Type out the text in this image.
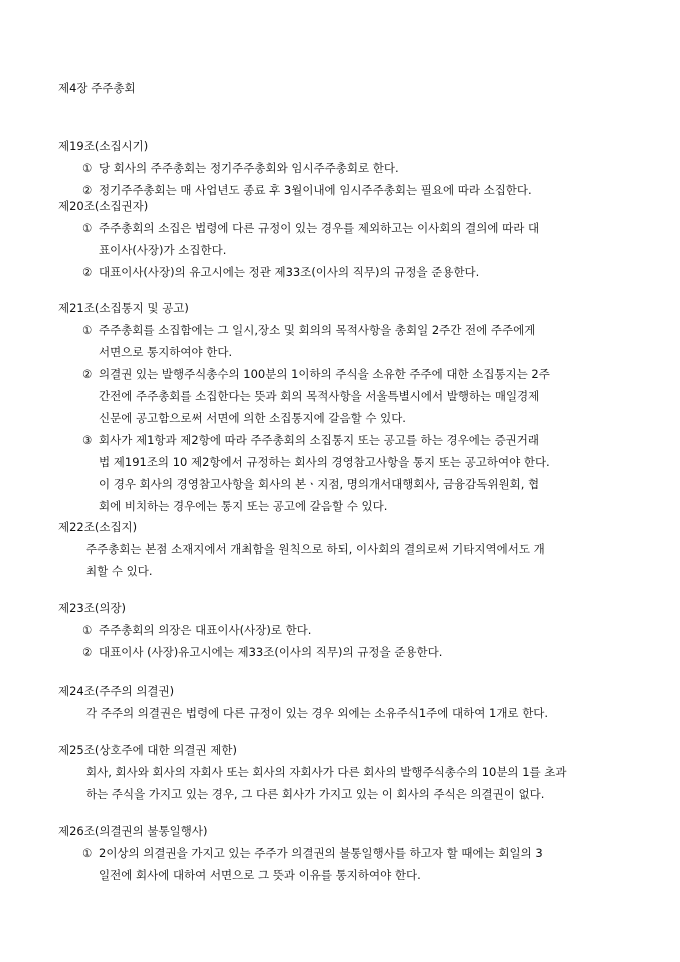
제4장 주주총회
제19조(소집시기)
① 당 회사의 주주총회는 정기주주총회와 임시주주총회로 한다.
② 정기주주총회는 매 사업년도 종료 후 3월이내에 임시주주총회는 필요에 따라 소집한다.
제20조(소집권자)
① 주주총회의 소집은 법령에 다른 규정이 있는 경우를 제외하고는 이사회의 결의에 따라 대
표이사(사장)가 소집한다.
② 대표이사(사장)의 유고시에는 정관 제33조(이사의 직무)의 규정을 준용한다.
제21조(소집통지 및 공고)
① 주주총회를 소집함에는 그 일시,장소 및 회의의 목적사항을 총회일 2주간 전에 주주에게
서면으로 통지하여야 한다.
② 의결권 있는 발행주식총수의 100분의 1이하의 주식을 소유한 주주에 대한 소집통지는 2주
간전에 주주총회를 소집한다는 뜻과 회의 목적사항을 서울특별시에서 발행하는 매일경제
신문에 공고함으로써 서면에 의한 소집통지에 갈음할 수 있다.
③ 회사가 제1항과 제2항에 따라 주주총회의 소집통지 또는 공고를 하는 경우에는 증권거래
법 제191조의 10 제2항에서 규정하는 회사의 경영참고사항을 통지 또는 공고하여야 한다.
이 경우 회사의 경영참고사항을 회사의 본ㆍ지점, 명의개서대행회사, 금융감독위원회, 협
회에 비치하는 경우에는 통지 또는 공고에 갈음할 수 있다.
제22조(소집지)
주주총회는 본점 소재지에서 개최함을 원칙으로 하되, 이사회의 결의로써 기타지역에서도 개
최할 수 있다.
제23조(의장)
① 주주총회의 의장은 대표이사(사장)로 한다.
② 대표이사 (사장)유고시에는 제33조(이사의 직무)의 규정을 준용한다.
제24조(주주의 의결권)
각 주주의 의결권은 법령에 다른 규정이 있는 경우 외에는 소유주식1주에 대하여 1개로 한다.
제25조(상호주에 대한 의결권 제한)
회사, 회사와 회사의 자회사 또는 회사의 자회사가 다른 회사의 발행주식총수의 10분의 1를 초과
하는 주식을 가지고 있는 경우, 그 다른 회사가 가지고 있는 이 회사의 주식은 의결권이 없다.
제26조(의결권의 불통일행사)
① 2이상의 의결권을 가지고 있는 주주가 의결권의 불통일행사를 하고자 할 때에는 회일의 3
일전에 회사에 대하여 서면으로 그 뜻과 이유를 통지하여야 한다.
